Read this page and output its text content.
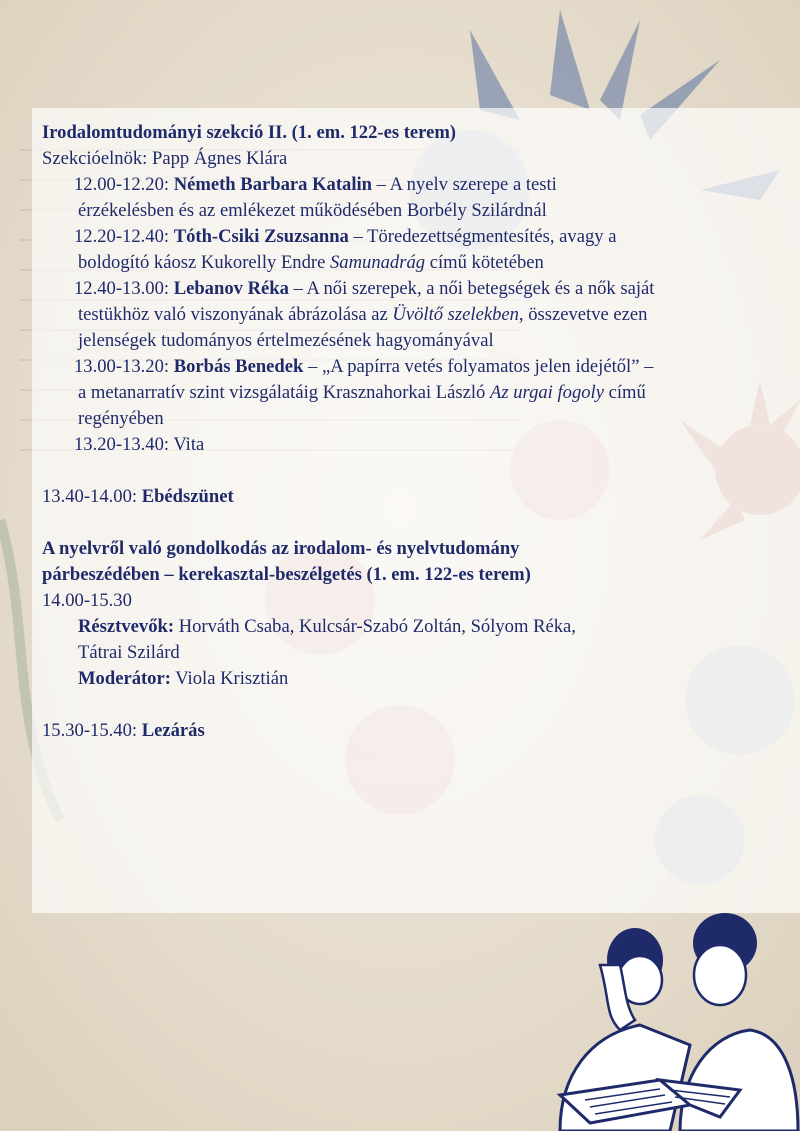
Irodalomtudományi szekció II. (1. em. 122-es terem)
Szekcióelnök: Papp Ágnes Klára
12.00-12.20: Németh Barbara Katalin – A nyelv szerepe a testi
érzékelésben és az emlékezet működésében Borbély Szilárdnál
12.20-12.40: Tóth-Csiki Zsuzsanna – Töredezettségmentesítés, avagy a
boldogító káosz Kukorelly Endre Samunadrág című kötetében
12.40-13.00: Lebanov Réka – A női szerepek, a női betegségek és a nők saját
testükhöz való viszonyának ábrázolása az Üvöltő szelekben, összevetve ezen
jelenségek tudományos értelmezésének hagyományával
13.00-13.20: Borbás Benedek – „A papírra vetés folyamatos jelen idejétől” –
a metanarratív szint vizsgálatáig Krasznahorkai László Az urgai fogoly című
regényében
13.20-13.40: Vita
13.40-14.00: Ebédszünet
A nyelvről való gondolkodás az irodalom- és nyelvtudomány
párbeszédében – kerekasztal-beszélgetés (1. em. 122-es terem)
14.00-15.30
Résztvevők: Horváth Csaba, Kulcsár-Szabó Zoltán, Sólyom Réka,
Tátrai Szilárd
Moderátor: Viola Krisztián
15.30-15.40: Lezárás
